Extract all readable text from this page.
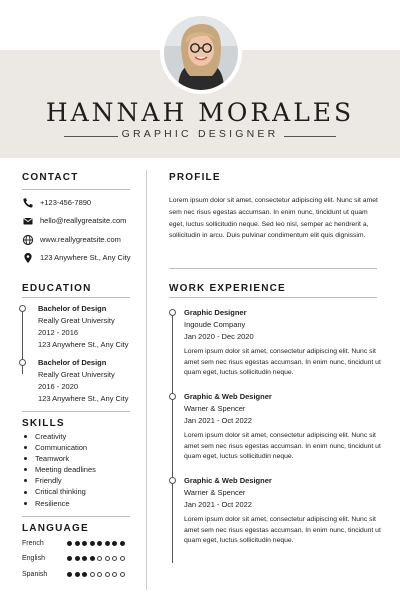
HANNAH MORALES
GRAPHIC DESIGNER
CONTACT
+123-456-7890
hello@reallygreatsite.com
www.reallygreatsite.com
123 Anywhere St., Any City
EDUCATION
Bachelor of Design
Really Great University
2012 - 2016
123 Anywhere St., Any City
Bachelor of Design
Really Great University
2016 - 2020
123 Anywhere St., Any City
SKILLS
Creativity
Communication
Teamwork
Meeting deadlines
Friendly
Critical thinking
Resilience
LANGUAGE
French
English
Spanish
PROFILE
Lorem ipsum dolor sit amet, consectetur adipiscing elit. Nunc sit amet sem nec risus egestas accumsan. In enim nunc, tincidunt ut quam eget, luctus sollicitudin neque. Sed leo nisl, semper ac hendrerit a, sollicitudin in arcu. Duis pulvinar condimentum elit quis dignissim.
WORK EXPERIENCE
Graphic Designer
Ingoude Company
Jan 2020 - Dec 2020
Lorem ipsum dolor sit amet, consectetur adipiscing elit. Nunc sit amet sem nec risus egestas accumsan. In enim nunc, tincidunt ut quam eget, luctus sollicitudin neque.
Graphic & Web Designer
Warner & Spencer
Jan 2021 - Oct 2022
Lorem ipsum dolor sit amet, consectetur adipiscing elit. Nunc sit amet sem nec risus egestas accumsan. In enim nunc, tincidunt ut quam eget, luctus sollicitudin neque.
Graphic & Web Designer
Warner & Spencer
Jan 2021 - Oct 2022
Lorem ipsum dolor sit amet, consectetur adipiscing elit. Nunc sit amet sem nec risus egestas accumsan. In enim nunc, tincidunt ut quam eget, luctus sollicitudin neque.
